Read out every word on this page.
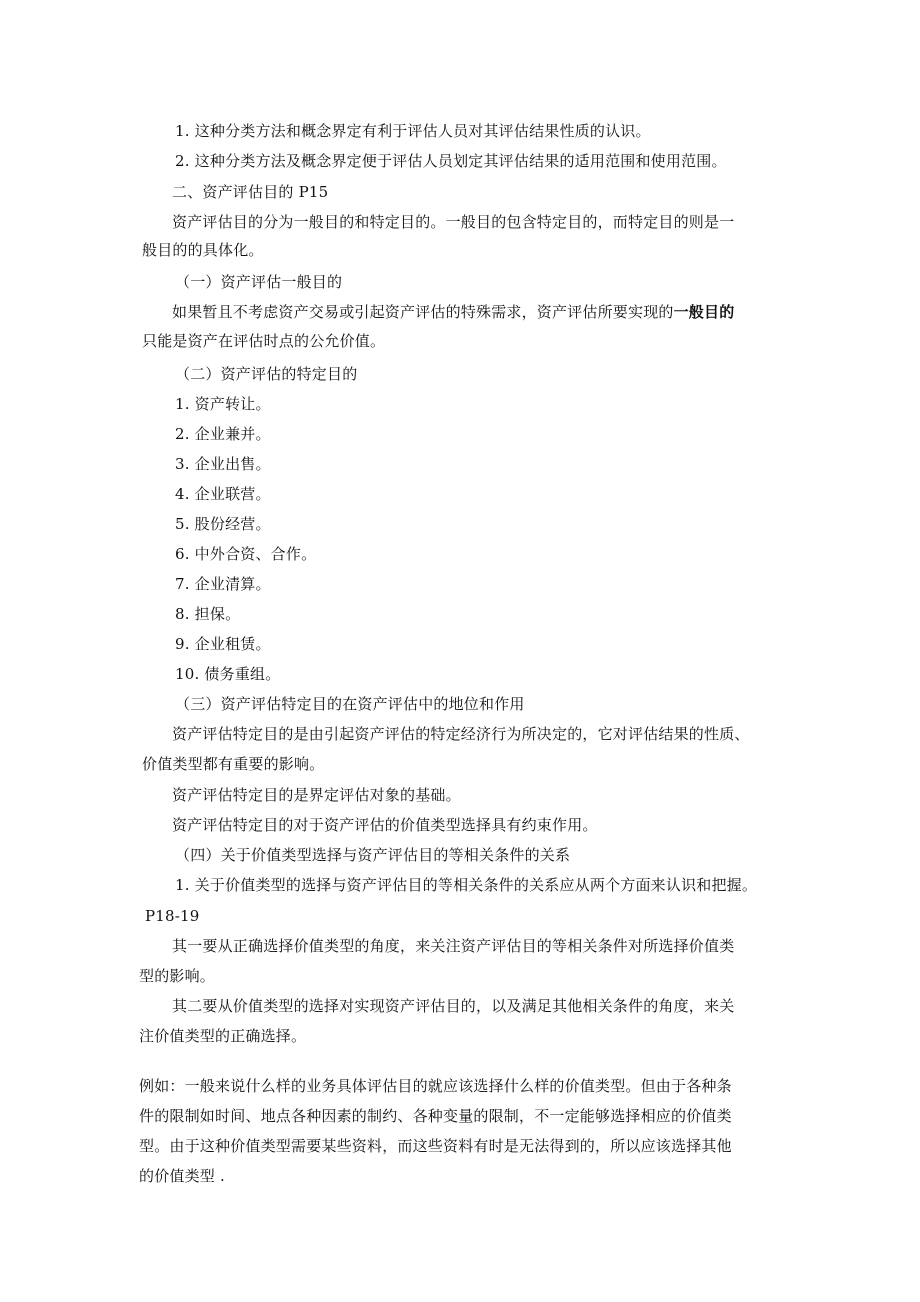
1. 这种分类方法和概念界定有利于评估人员对其评估结果性质的认识。
2. 这种分类方法及概念界定便于评估人员划定其评估结果的适用范围和使用范围。
二、资产评估目的 P15
资产评估目的分为一般目的和特定目的。一般目的包含特定目的，而特定目的则是一
般目的的具体化。
（一）资产评估一般目的
如果暂且不考虑资产交易或引起资产评估的特殊需求，资产评估所要实现的一般目的
只能是资产在评估时点的公允价值。
（二）资产评估的特定目的
1. 资产转让。
2. 企业兼并。
3. 企业出售。
4. 企业联营。
5. 股份经营。
6. 中外合资、合作。
7. 企业清算。
8. 担保。
9. 企业租赁。
10. 债务重组。
（三）资产评估特定目的在资产评估中的地位和作用
资产评估特定目的是由引起资产评估的特定经济行为所决定的，它对评估结果的性质、
价值类型都有重要的影响。
资产评估特定目的是界定评估对象的基础。
资产评估特定目的对于资产评估的价值类型选择具有约束作用。
（四）关于价值类型选择与资产评估目的等相关条件的关系
1. 关于价值类型的选择与资产评估目的等相关条件的关系应从两个方面来认识和把握。
P18-19
其一要从正确选择价值类型的角度，来关注资产评估目的等相关条件对所选择价值类
型的影响。
其二要从价值类型的选择对实现资产评估目的，以及满足其他相关条件的角度，来关
注价值类型的正确选择。
例如：一般来说什么样的业务具体评估目的就应该选择什么样的价值类型。但由于各种条
件的限制如时间、地点各种因素的制约、各种变量的限制，不一定能够选择相应的价值类
型。由于这种价值类型需要某些资料，而这些资料有时是无法得到的，所以应该选择其他
的价值类型 .
